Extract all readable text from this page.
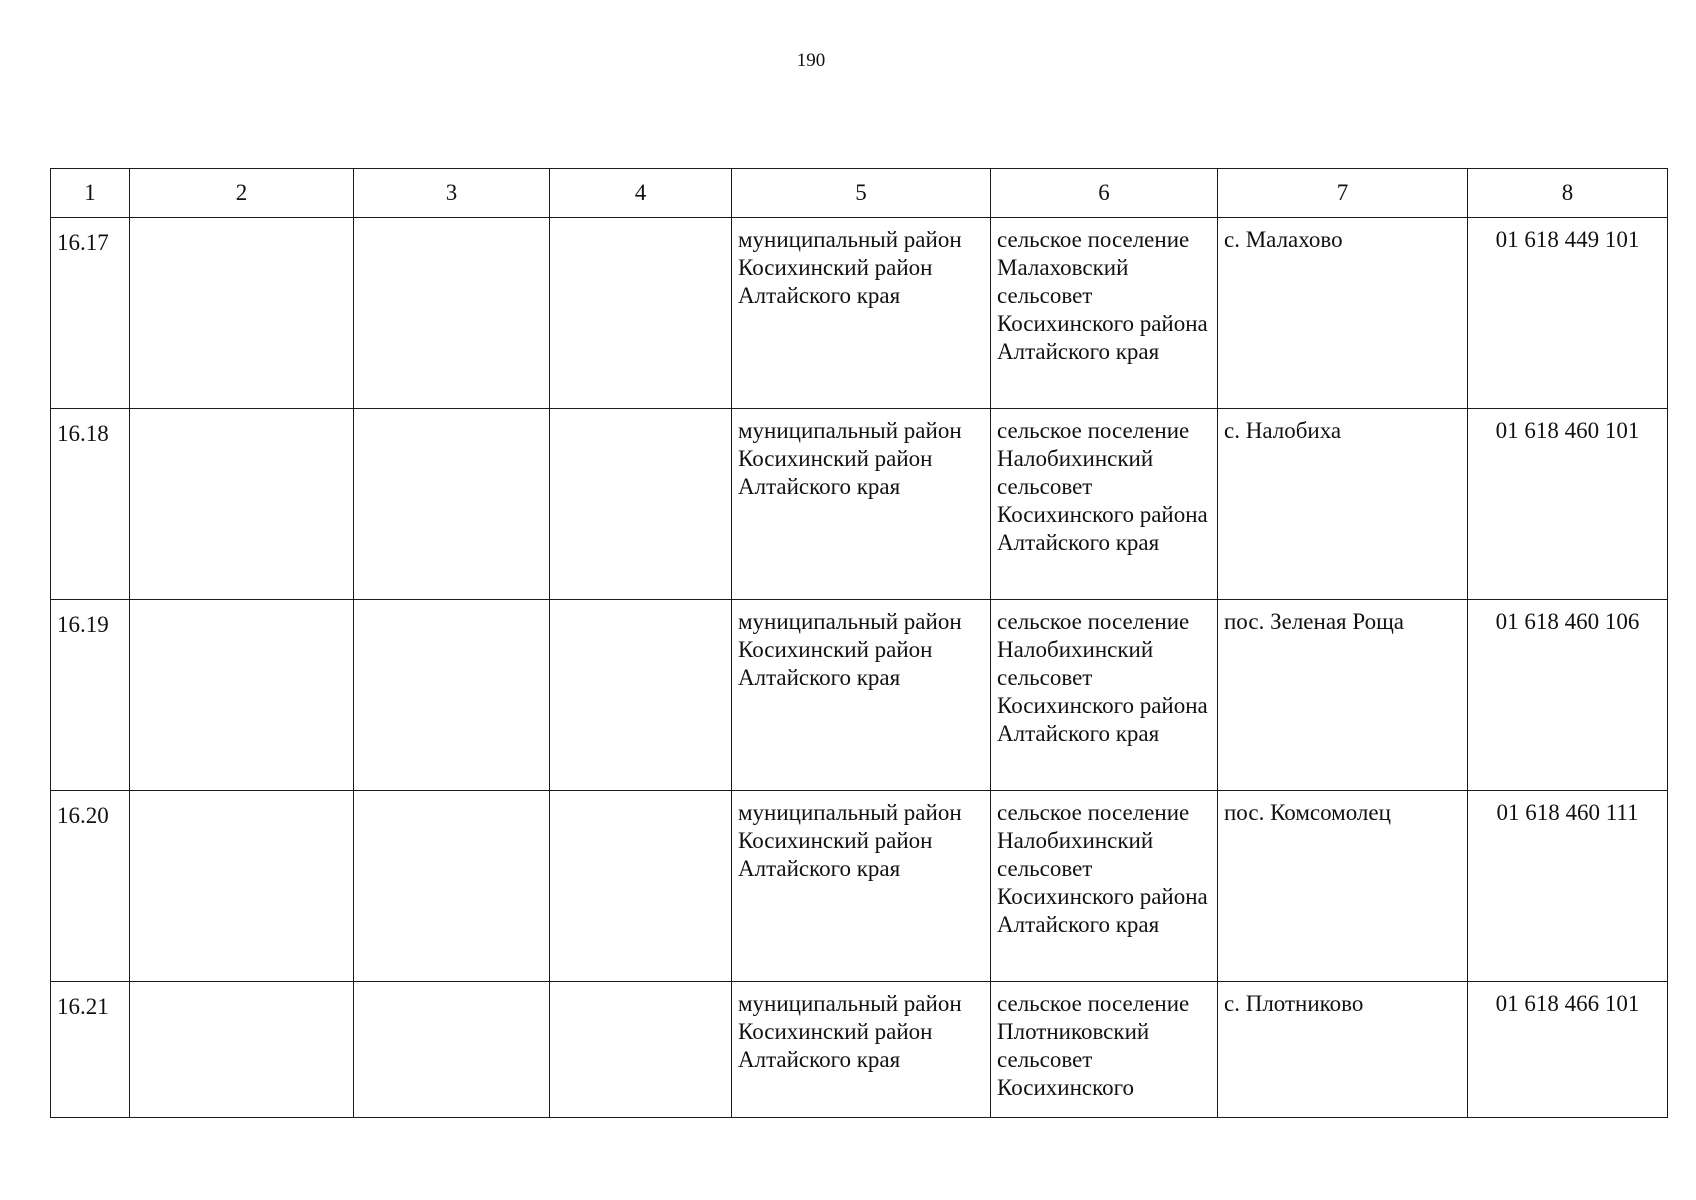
190
1	2	3	4	5	6	7	8
16.17				муниципальный район Косихинский район Алтайского края	сельское поселение Малаховский сельсовет Косихинского района Алтайского края	с. Малахово	01 618 449 101
16.18				муниципальный район Косихинский район Алтайского края	сельское поселение Налобихинский сельсовет Косихинского района Алтайского края	с. Налобиха	01 618 460 101
16.19				муниципальный район Косихинский район Алтайского края	сельское поселение Налобихинский сельсовет Косихинского района Алтайского края	пос. Зеленая Роща	01 618 460 106
16.20				муниципальный район Косихинский район Алтайского края	сельское поселение Налобихинский сельсовет Косихинского района Алтайского края	пос. Комсомолец	01 618 460 111
16.21				муниципальный район Косихинский район Алтайского края	сельское поселение Плотниковский сельсовет Косихинского	с. Плотниково	01 618 466 101
